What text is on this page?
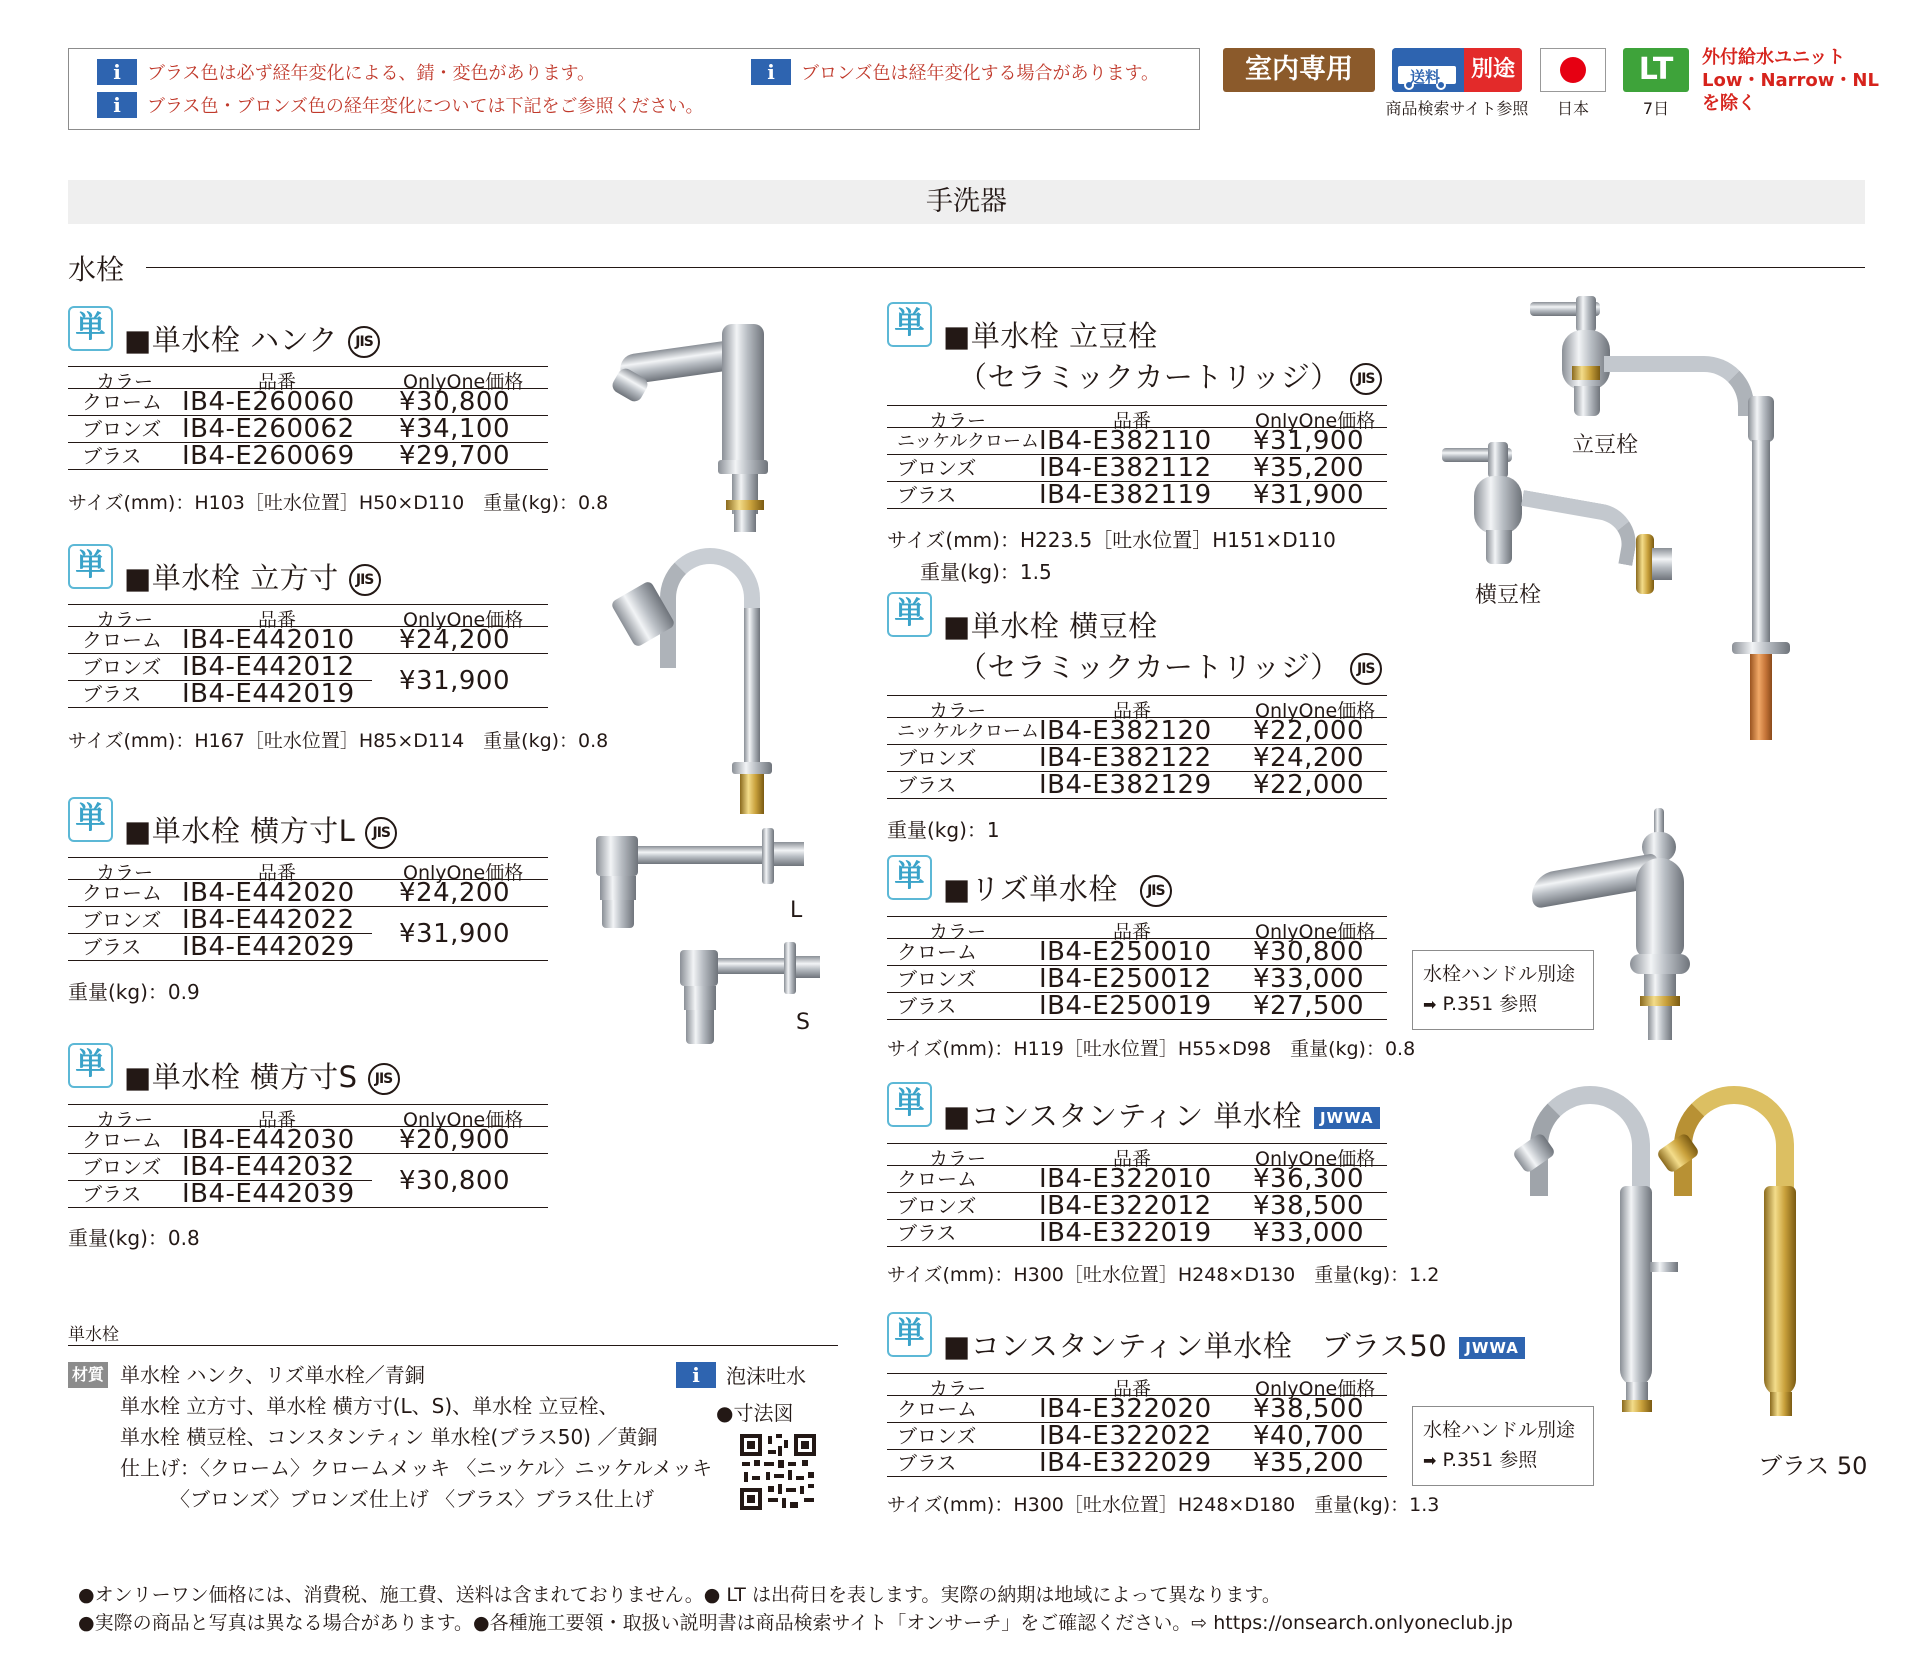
i	ブラス色は必ず経年変化による、錆・変色があります。
i	ブラス色・ブロンズ色の経年変化については下記をご参照ください。
i	ブロンズ色は経年変化する場合があります。	室内専用	送料	別途
商品検索サイト参照	日本
LT
7日
外付給水ユニット
Low・Narrow・NL
を除く
手洗器
水栓
単 ■単水栓 ハンク JIS
カラー	品番	OnlyOne価格
クローム IB4-E260060 ¥30,800
ブロンズ IB4-E260062 ¥34,100
ブラス IB4-E260069 ¥29,700
サイズ(mm)：H103［吐水位置］H50×D110　重量(kg)：0.8
単 ■単水栓 立方寸 JIS
カラー	品番	OnlyOne価格
クローム IB4-E442010 ¥24,200
ブロンズ IB4-E442012
ブラス IB4-E442019 ¥31,900
サイズ(mm)：H167［吐水位置］H85×D114　重量(kg)：0.8
単 ■単水栓 横方寸L JIS
カラー	品番	OnlyOne価格
クローム IB4-E442020 ¥24,200
ブロンズ IB4-E442022
ブラス IB4-E442029 ¥31,900
重量(kg)：0.9
L
S
単 ■単水栓 横方寸S JIS
カラー	品番	OnlyOne価格
クローム IB4-E442030 ¥20,900
ブロンズ IB4-E442032
ブラス IB4-E442039 ¥30,800
重量(kg)：0.8
単 ■単水栓 立豆栓
（セラミックカートリッジ） JIS
カラー	品番	OnlyOne価格
ニッケルクローム IB4-E382110 ¥31,900
ブロンズ IB4-E382112 ¥35,200
ブラス	IB4-E382119 ¥31,900
サイズ(mm)：H223.5［吐水位置］H151×D110
重量(kg)：1.5
単 ■単水栓 横豆栓
（セラミックカートリッジ） JIS
カラー	品番	OnlyOne価格
ニッケルクローム IB4-E382120 ¥22,000
ブロンズ IB4-E382122 ¥24,200
ブラス	IB4-E382129 ¥22,000
重量(kg)：1
単 ■リズ単水栓 JIS
カラー	品番	OnlyOne価格
クローム IB4-E250010 ¥30,800
ブロンズ IB4-E250012 ¥33,000
ブラス	IB4-E250019 ¥27,500
サイズ(mm)：H119［吐水位置］H55×D98　重量(kg)：0.8
単 ■コンスタンティン 単水栓 JWWA
カラー	品番	OnlyOne価格
クローム IB4-E322010 ¥36,300
ブロンズ IB4-E322012 ¥38,500
ブラス	IB4-E322019 ¥33,000
サイズ(mm)：H300［吐水位置］H248×D130　重量(kg)：1.2
単 ■コンスタンティン単水栓　ブラス50 JWWA
カラー	品番	OnlyOne価格
クローム IB4-E322020 ¥38,500
ブロンズ IB4-E322022 ¥40,700
ブラス	IB4-E322029 ¥35,200
サイズ(mm)：H300［吐水位置］H248×D180　重量(kg)：1.3
立豆栓
横豆栓
水栓ハンドル別途
➡ P.351 参照
ブラス 50
水栓ハンドル別途
➡ P.351 参照
単水栓
材質 単水栓 ハンク、リズ単水栓／青銅
単水栓 立方寸、単水栓 横方寸(L、S)、単水栓 立豆栓、
単水栓 横豆栓、コンスタンティン 単水栓(ブラス50) ／黄銅
仕上げ：〈クローム〉クロームメッキ 〈ニッケル〉ニッケルメッキ
　　　〈ブロンズ〉ブロンズ仕上げ 〈ブラス〉ブラス仕上げ
i	泡沫吐水
●寸法図
●オンリーワン価格には、消費税、施工費、送料は含まれておりません。● LT は出荷日を表します。実際の納期は地域によって異なります。
●実際の商品と写真は異なる場合があります。●各種施工要領・取扱い説明書は商品検索サイト「オンサーチ」をご確認ください。⇨ https://onsearch.onlyoneclub.jp
